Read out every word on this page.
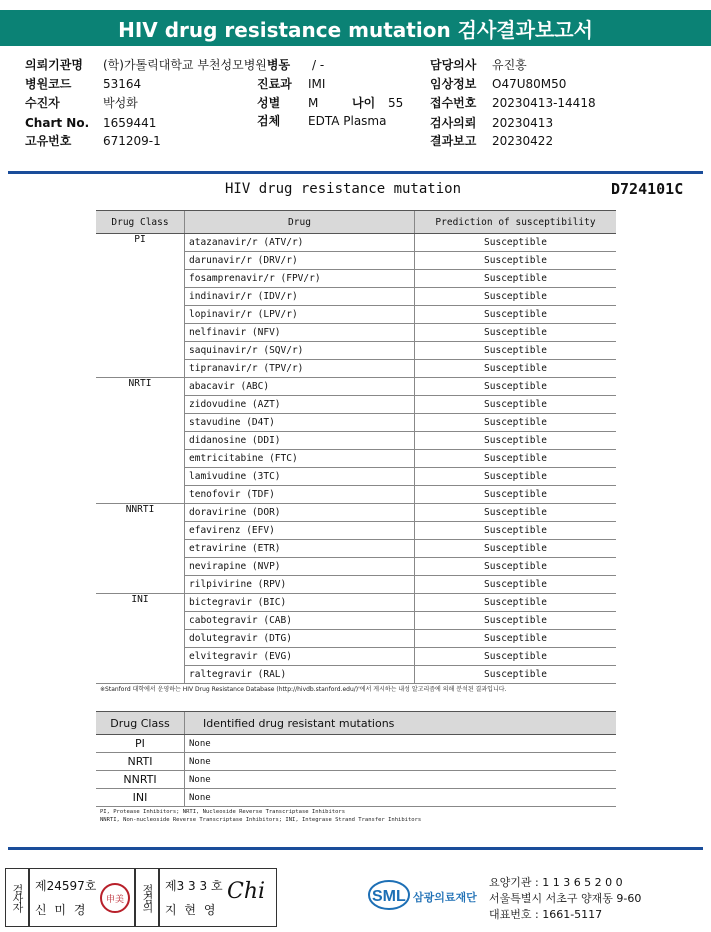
HIV drug resistance mutation 검사결과보고서
의뢰기관명 (학)가톨릭대학교 부천성모병원병동 / -	담당의사 유진홍
병원코드	53164	진료과 IMI	임상정보 O47U80M50
수진자	박성화	성별 M	나이 55 접수번호 20230413-14418
Chart No. 1659441	검체 EDTA Plasma	검사의뢰 20230413
고유번호	671209-1	결과보고 20230422
HIV drug resistance mutation	D724101C
Drug Class	Drug	Prediction of susceptibility
PI	atazanavir/r (ATV/r)	Susceptible
	darunavir/r (DRV/r)	Susceptible
	fosamprenavir/r (FPV/r)	Susceptible
	indinavir/r (IDV/r)	Susceptible
	lopinavir/r (LPV/r)	Susceptible
	nelfinavir (NFV)	Susceptible
	saquinavir/r (SQV/r)	Susceptible
	tipranavir/r (TPV/r)	Susceptible
NRTI	abacavir (ABC)	Susceptible
	zidovudine (AZT)	Susceptible
	stavudine (D4T)	Susceptible
	didanosine (DDI)	Susceptible
	emtricitabine (FTC)	Susceptible
	lamivudine (3TC)	Susceptible
	tenofovir (TDF)	Susceptible
NNRTI	doravirine (DOR)	Susceptible
	efavirenz (EFV)	Susceptible
	etravirine (ETR)	Susceptible
	nevirapine (NVP)	Susceptible
	rilpivirine (RPV)	Susceptible
INI	bictegravir (BIC)	Susceptible
	cabotegravir (CAB)	Susceptible
	dolutegravir (DTG)	Susceptible
	elvitegravir (EVG)	Susceptible
	raltegravir (RAL)	Susceptible
※Stanford 대학에서 운영하는 HIV Drug Resistance Database (http://hivdb.stanford.edu/)'에서 게시하는 내성 알고리즘에 의해 분석된 결과입니다.
Drug Class	Identified drug resistant mutations
PI	None
NRTI	None
NNRTI	None
INI	None
PI, Protease Inhibitors; NRTI, Nucleoside Reverse Transcriptase Inhibitors
NNRTI, Non-nucleoside Reverse Transcriptase Inhibitors; INI, Integrase Strand Transfer Inhibitors
검사자 제24597호
신 미 경
申美	점검의 제3 3 3 호
지 현 영
Chi	SML 삼광의료재단
요양기관 : 1 1 3 6 5 2 0 0
서울특별시 서초구 양재동 9-60
대표번호 : 1661-5117
